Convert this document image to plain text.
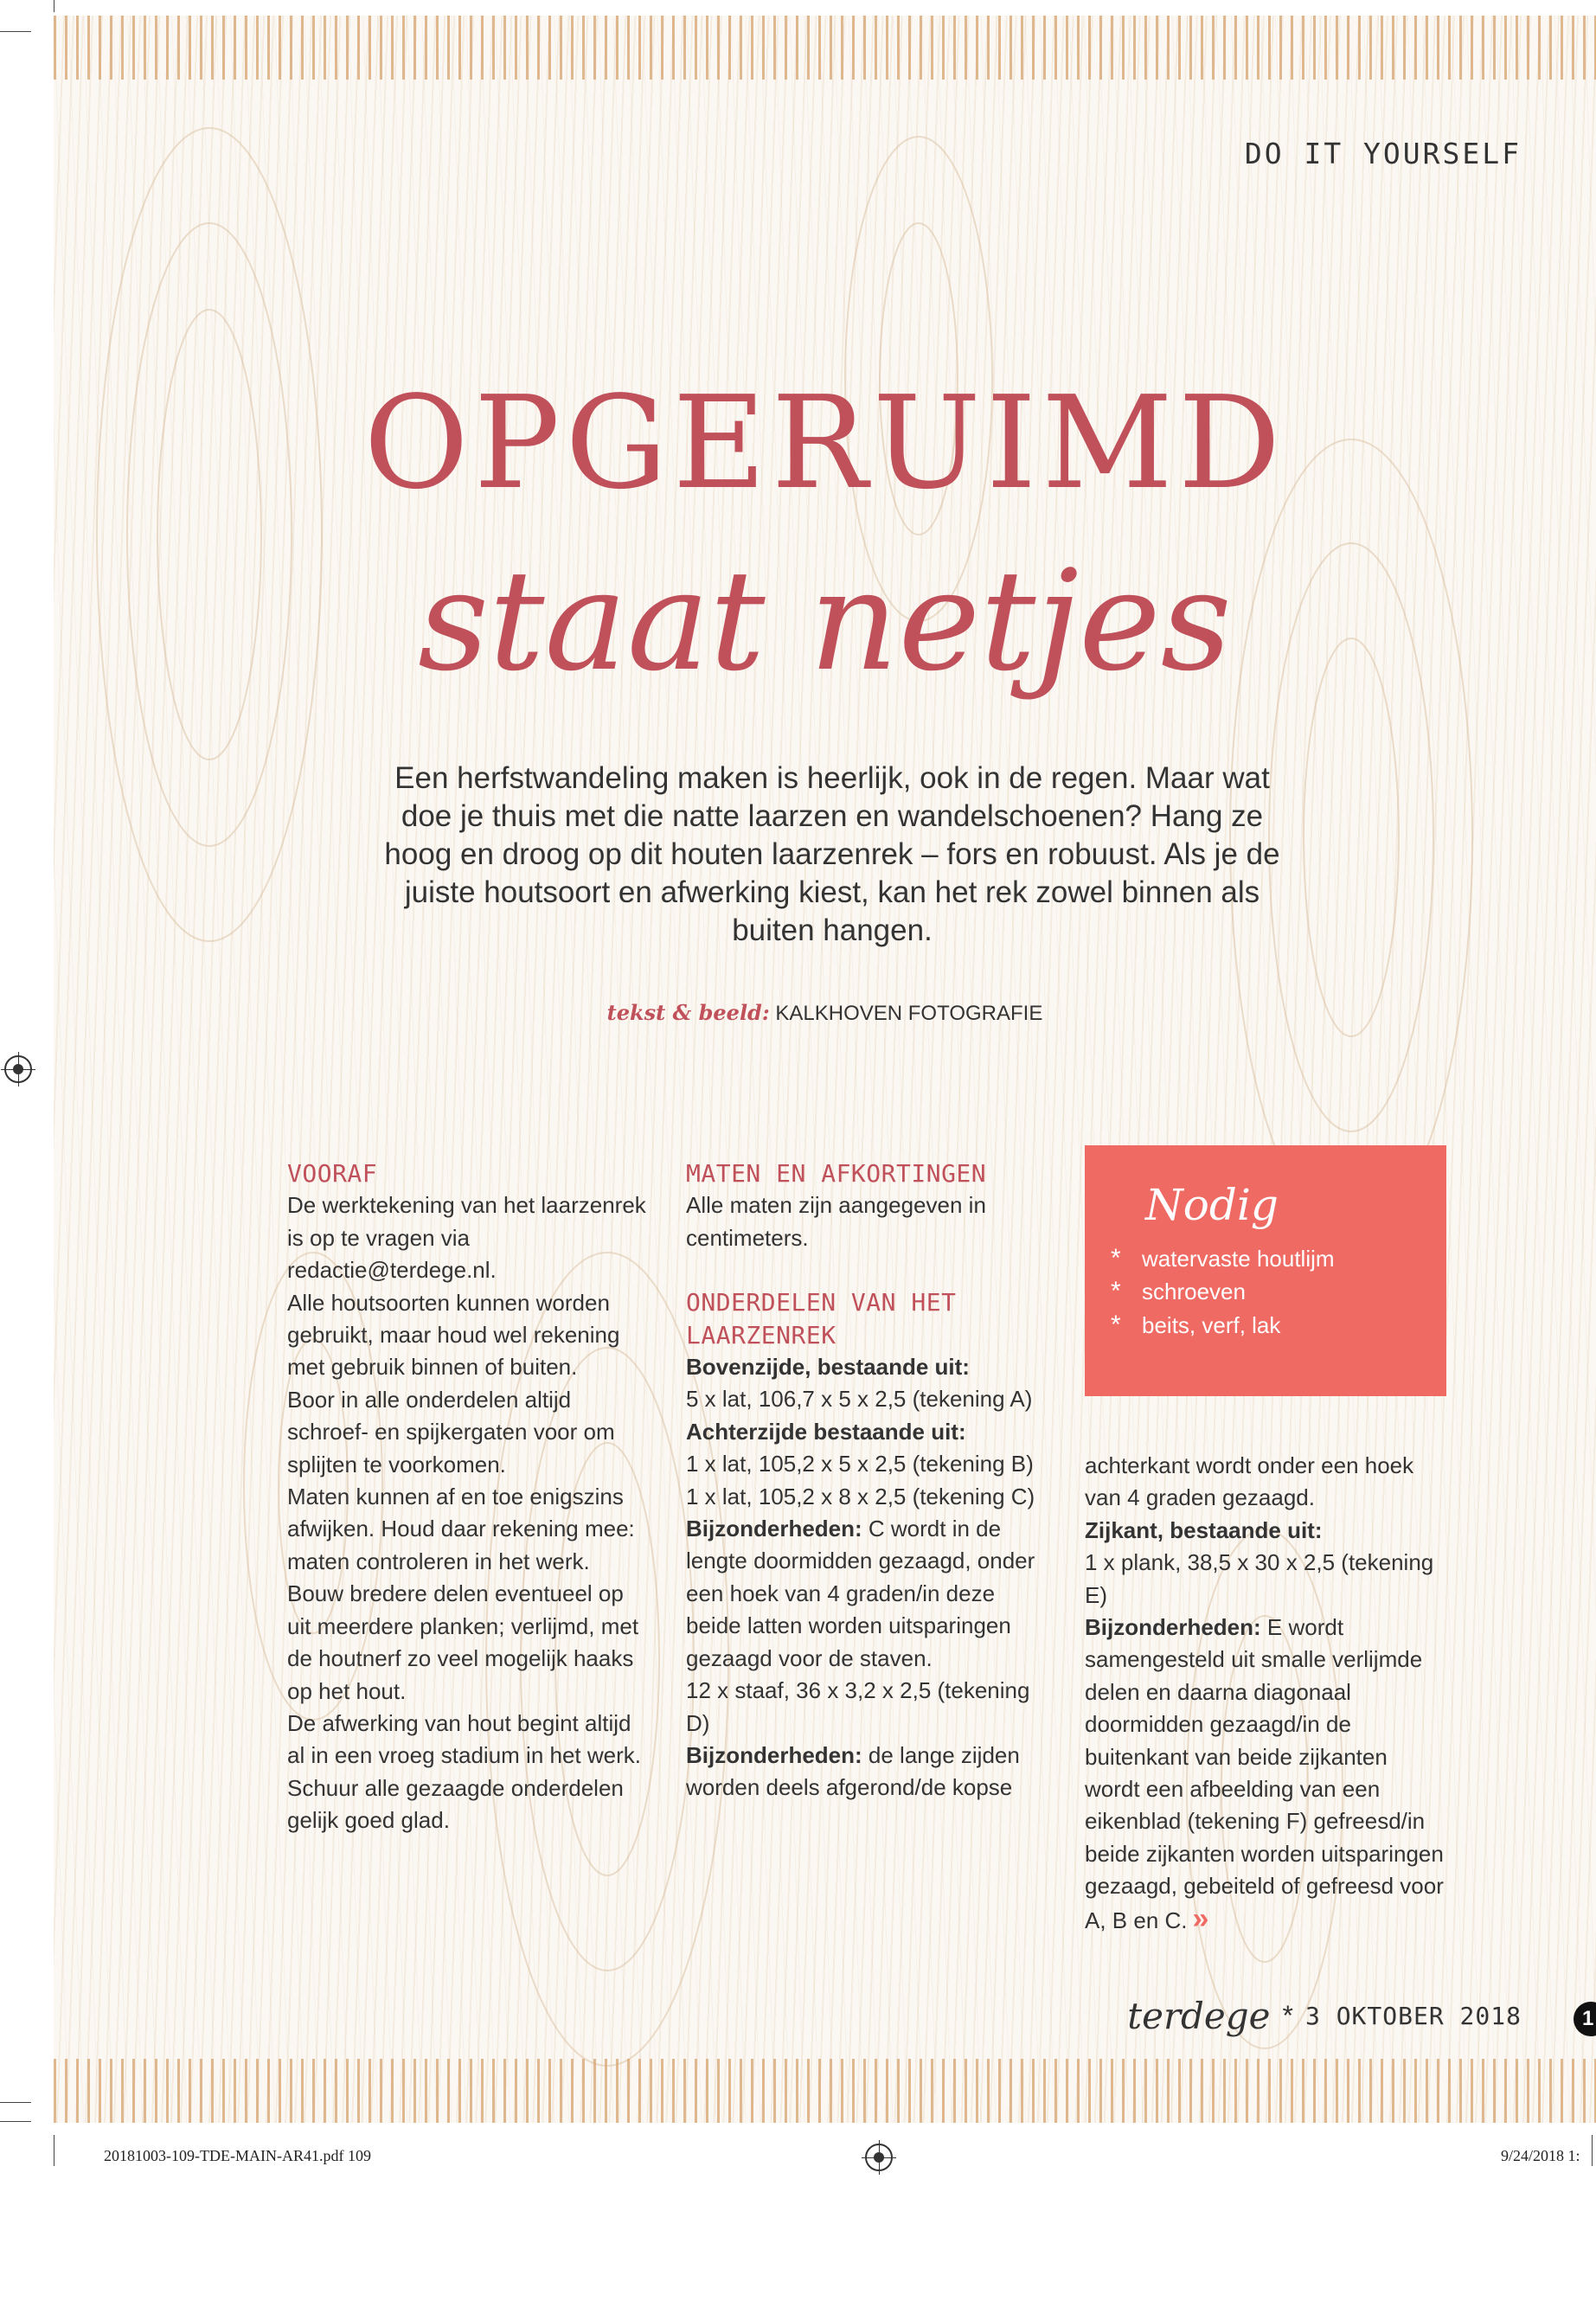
DO IT YOURSELF
OPGERUIMD
staat netjes
Een herfstwandeling maken is heerlijk, ook in de regen. Maar wat doe je thuis met die natte laarzen en wandelschoenen? Hang ze hoog en droog op dit houten laarzenrek – fors en robuust. Als je de juiste houtsoort en afwerking kiest, kan het rek zowel binnen als buiten hangen.
tekst & beeld: KALKHOVEN FOTOGRAFIE
VOORAF

De werktekening van het laarzenrek is op te vragen via redactie@terdege.nl.

Alle houtsoorten kunnen worden gebruikt, maar houd wel rekening met gebruik binnen of buiten.

Boor in alle onderdelen altijd schroef- en spijkergaten voor om splijten te voorkomen.

Maten kunnen af en toe enigszins afwijken. Houd daar rekening mee: maten controleren in het werk.

Bouw bredere delen eventueel op uit meerdere planken; verlijmd, met de houtnerf zo veel mogelijk haaks op het hout.

De afwerking van hout begint altijd al in een vroeg stadium in het werk. Schuur alle gezaagde onderdelen gelijk goed glad.

MATEN EN AFKORTINGEN

Alle maten zijn aangegeven in centimeters.

ONDERDELEN VAN HET LAARZENREK

Bovenzijde, bestaande uit:

5 x lat, 106,7 x 5 x 2,5 (tekening A)

Achterzijde bestaande uit:

1 x lat, 105,2 x 5 x 2,5 (tekening B)

1 x lat, 105,2 x 8 x 2,5 (tekening C)

Bijzonderheden: C wordt in de lengte doormidden gezaagd, onder een hoek van 4 graden/in deze beide latten worden uitsparingen gezaagd voor de staven.

12 x staaf, 36 x 3,2 x 2,5 (tekening D)

Bijzonderheden: de lange zijden worden deels afgerond/de kopse

Nodig
* watervaste houtlijm
* schroeven
* beits, verf, lak

achterkant wordt onder een hoek van 4 graden gezaagd.

Zijkant, bestaande uit:

1 x plank, 38,5 x 30 x 2,5 (tekening E)

Bijzonderheden: E wordt samengesteld uit smalle verlijmde delen en daarna diagonaal doormidden gezaagd/in de buitenkant van beide zijkanten wordt een afbeelding van een eikenblad (tekening F) gefreesd/in beide zijkanten worden uitsparingen gezaagd, gebeiteld of gefreesd voor A, B en C. »

terdege * 3 OKTOBER 2018	1
20181003-109-TDE-MAIN-AR41.pdf 109	9/24/2018 1:
